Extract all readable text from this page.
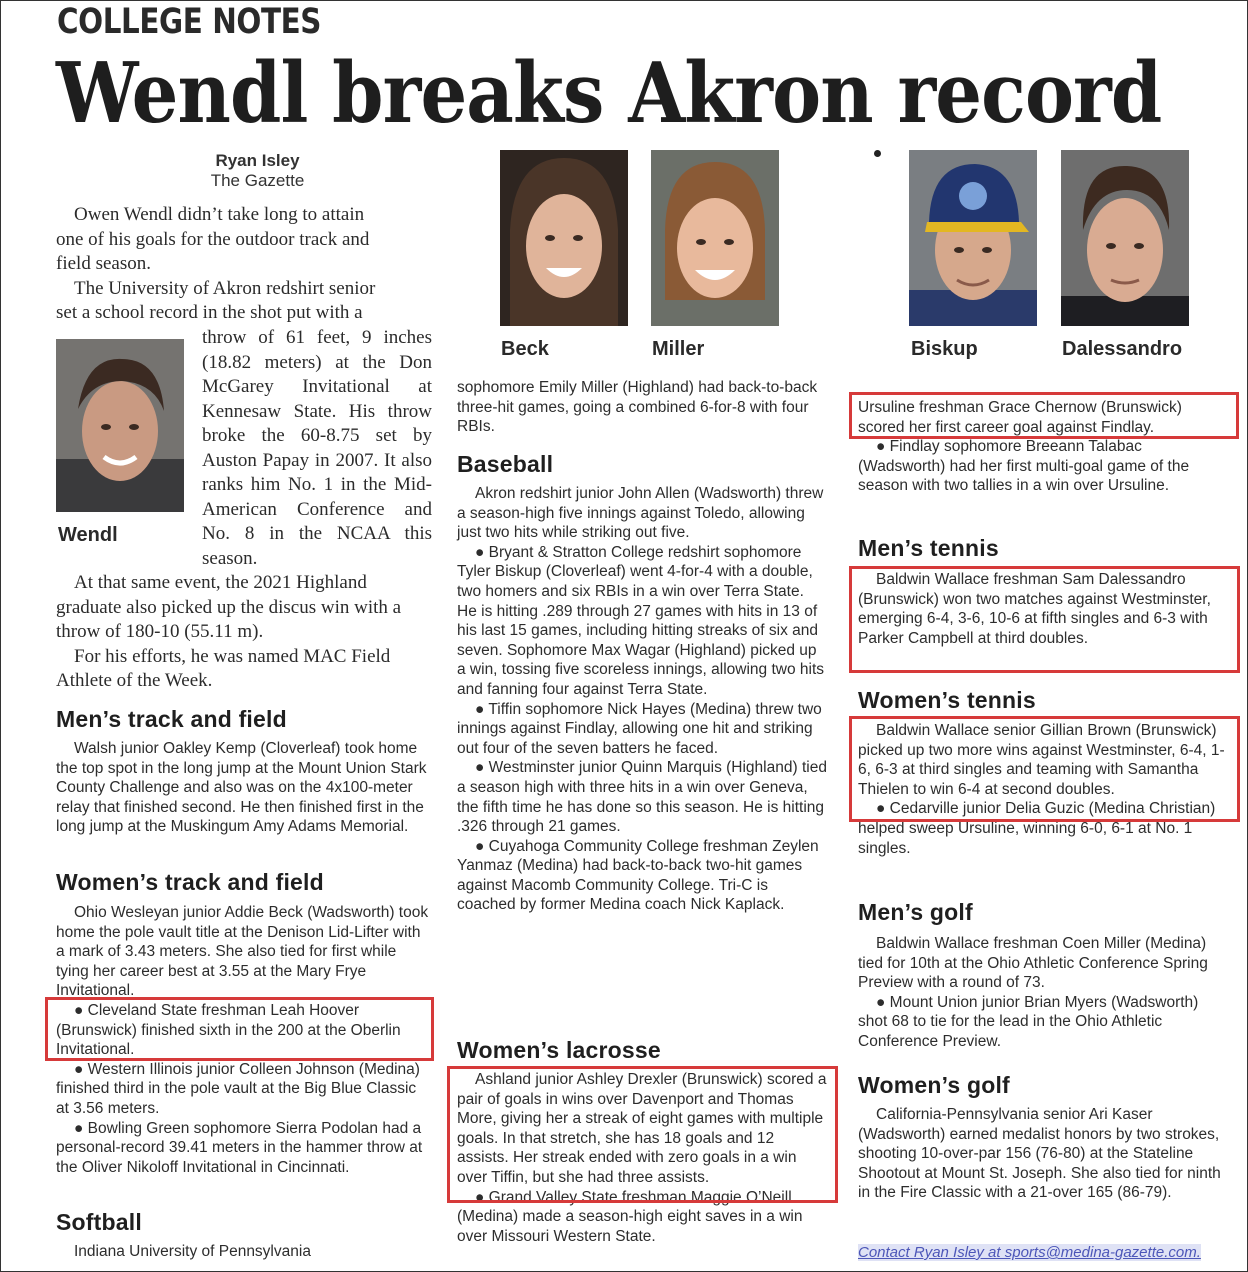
COLLEGE NOTES
Wendl breaks Akron record
Ryan Isley
The Gazette
Owen Wendl didn’t take long to attain
one of his goals for the outdoor track and
field season.
The University of Akron redshirt senior
set a school record in the shot put with a
Wendl
throw of 61 feet, 9 inches (18.82 meters) at the Don McGarey Invitational at Kennesaw State. His throw broke the 60-8.75 set by Auston Papay in 2007. It also ranks him No. 1 in the Mid-American Conference and No. 8 in the NCAA this season.

At that same event, the 2021 Highland graduate also picked up the discus win with a throw of 180-10 (55.11 m).

For his efforts, he was named MAC Field Athlete of the Week.

Men’s track and field

Walsh junior Oakley Kemp (Cloverleaf) took home the top spot in the long jump at the Mount Union Stark County Challenge and also was on the 4x100-meter relay that finished second. He then finished first in the long jump at the Muskingum Amy Adams Memorial.

Women’s track and field

Ohio Wesleyan junior Addie Beck (Wadsworth) took home the pole vault title at the Denison Lid-Lifter with a mark of 3.43 meters. She also tied for first while tying her career best at 3.55 at the Mary Frye Invitational.

● Cleveland State freshman Leah Hoover (Brunswick) finished sixth in the 200 at the Oberlin Invitational.

● Western Illinois junior Colleen Johnson (Medina) finished third in the pole vault at the Big Blue Classic at 3.56 meters.

● Bowling Green sophomore Sierra Podolan had a personal-record 39.41 meters in the hammer throw at the Oliver Nikoloff Invitational in Cincinnati.

Softball

Indiana University of Pennsylvania

Beck	Miller

sophomore Emily Miller (Highland) had back-to-back three-hit games, going a combined 6-for-8 with four RBIs.

Baseball

Akron redshirt junior John Allen (Wadsworth) threw a season-high five innings against Toledo, allowing just two hits while striking out five.

● Bryant & Stratton College redshirt sophomore Tyler Biskup (Cloverleaf) went 4-for-4 with a double, two homers and six RBIs in a win over Terra State. He is hitting .289 through 27 games with hits in 13 of his last 15 games, including hitting streaks of six and seven. Sophomore Max Wagar (Highland) picked up a win, tossing five scoreless innings, allowing two hits and fanning four against Terra State.

● Tiffin sophomore Nick Hayes (Medina) threw two innings against Findlay, allowing one hit and striking out four of the seven batters he faced.

● Westminster junior Quinn Marquis (Highland) tied a season high with three hits in a win over Geneva, the fifth time he has done so this season. He is hitting .326 through 21 games.

● Cuyahoga Community College freshman Zeylen Yanmaz (Medina) had back-to-back two-hit games against Macomb Community College. Tri-C is coached by former Medina coach Nick Kaplack.

Women’s lacrosse

Ashland junior Ashley Drexler (Brunswick) scored a pair of goals in wins over Davenport and Thomas More, giving her a streak of eight games with multiple goals. In that stretch, she has 18 goals and 12 assists. Her streak ended with zero goals in a win over Tiffin, but she had three assists.

● Grand Valley State freshman Maggie O’Neill (Medina) made a season-high eight saves in a win over Missouri Western State.

Biskup	Dalessandro

Ursuline freshman Grace Chernow (Brunswick) scored her first career goal against Findlay.

● Findlay sophomore Breeann Talabac (Wadsworth) had her first multi-goal game of the season with two tallies in a win over Ursuline.

Men’s tennis

Baldwin Wallace freshman Sam Dalessandro (Brunswick) won two matches against Westminster, emerging 6-4, 3-6, 10-6 at fifth singles and 6-3 with Parker Campbell at third doubles.

Women’s tennis

Baldwin Wallace senior Gillian Brown (Brunswick) picked up two more wins against Westminster, 6-4, 1-6, 6-3 at third singles and teaming with Samantha Thielen to win 6-4 at second doubles.

● Cedarville junior Delia Guzic (Medina Christian) helped sweep Ursuline, winning 6-0, 6-1 at No. 1 singles.

Men’s golf

Baldwin Wallace freshman Coen Miller (Medina) tied for 10th at the Ohio Athletic Conference Spring Preview with a round of 73.

● Mount Union junior Brian Myers (Wadsworth) shot 68 to tie for the lead in the Ohio Athletic Conference Preview.

Women’s golf

California-Pennsylvania senior Ari Kaser (Wadsworth) earned medalist honors by two strokes, shooting 10-over-par 156 (76-80) at the Stateline Shootout at Mount St. Joseph. She also tied for ninth in the Fire Classic with a 21-over 165 (86-79).

Contact Ryan Isley at sports@medina-gazette.com.
